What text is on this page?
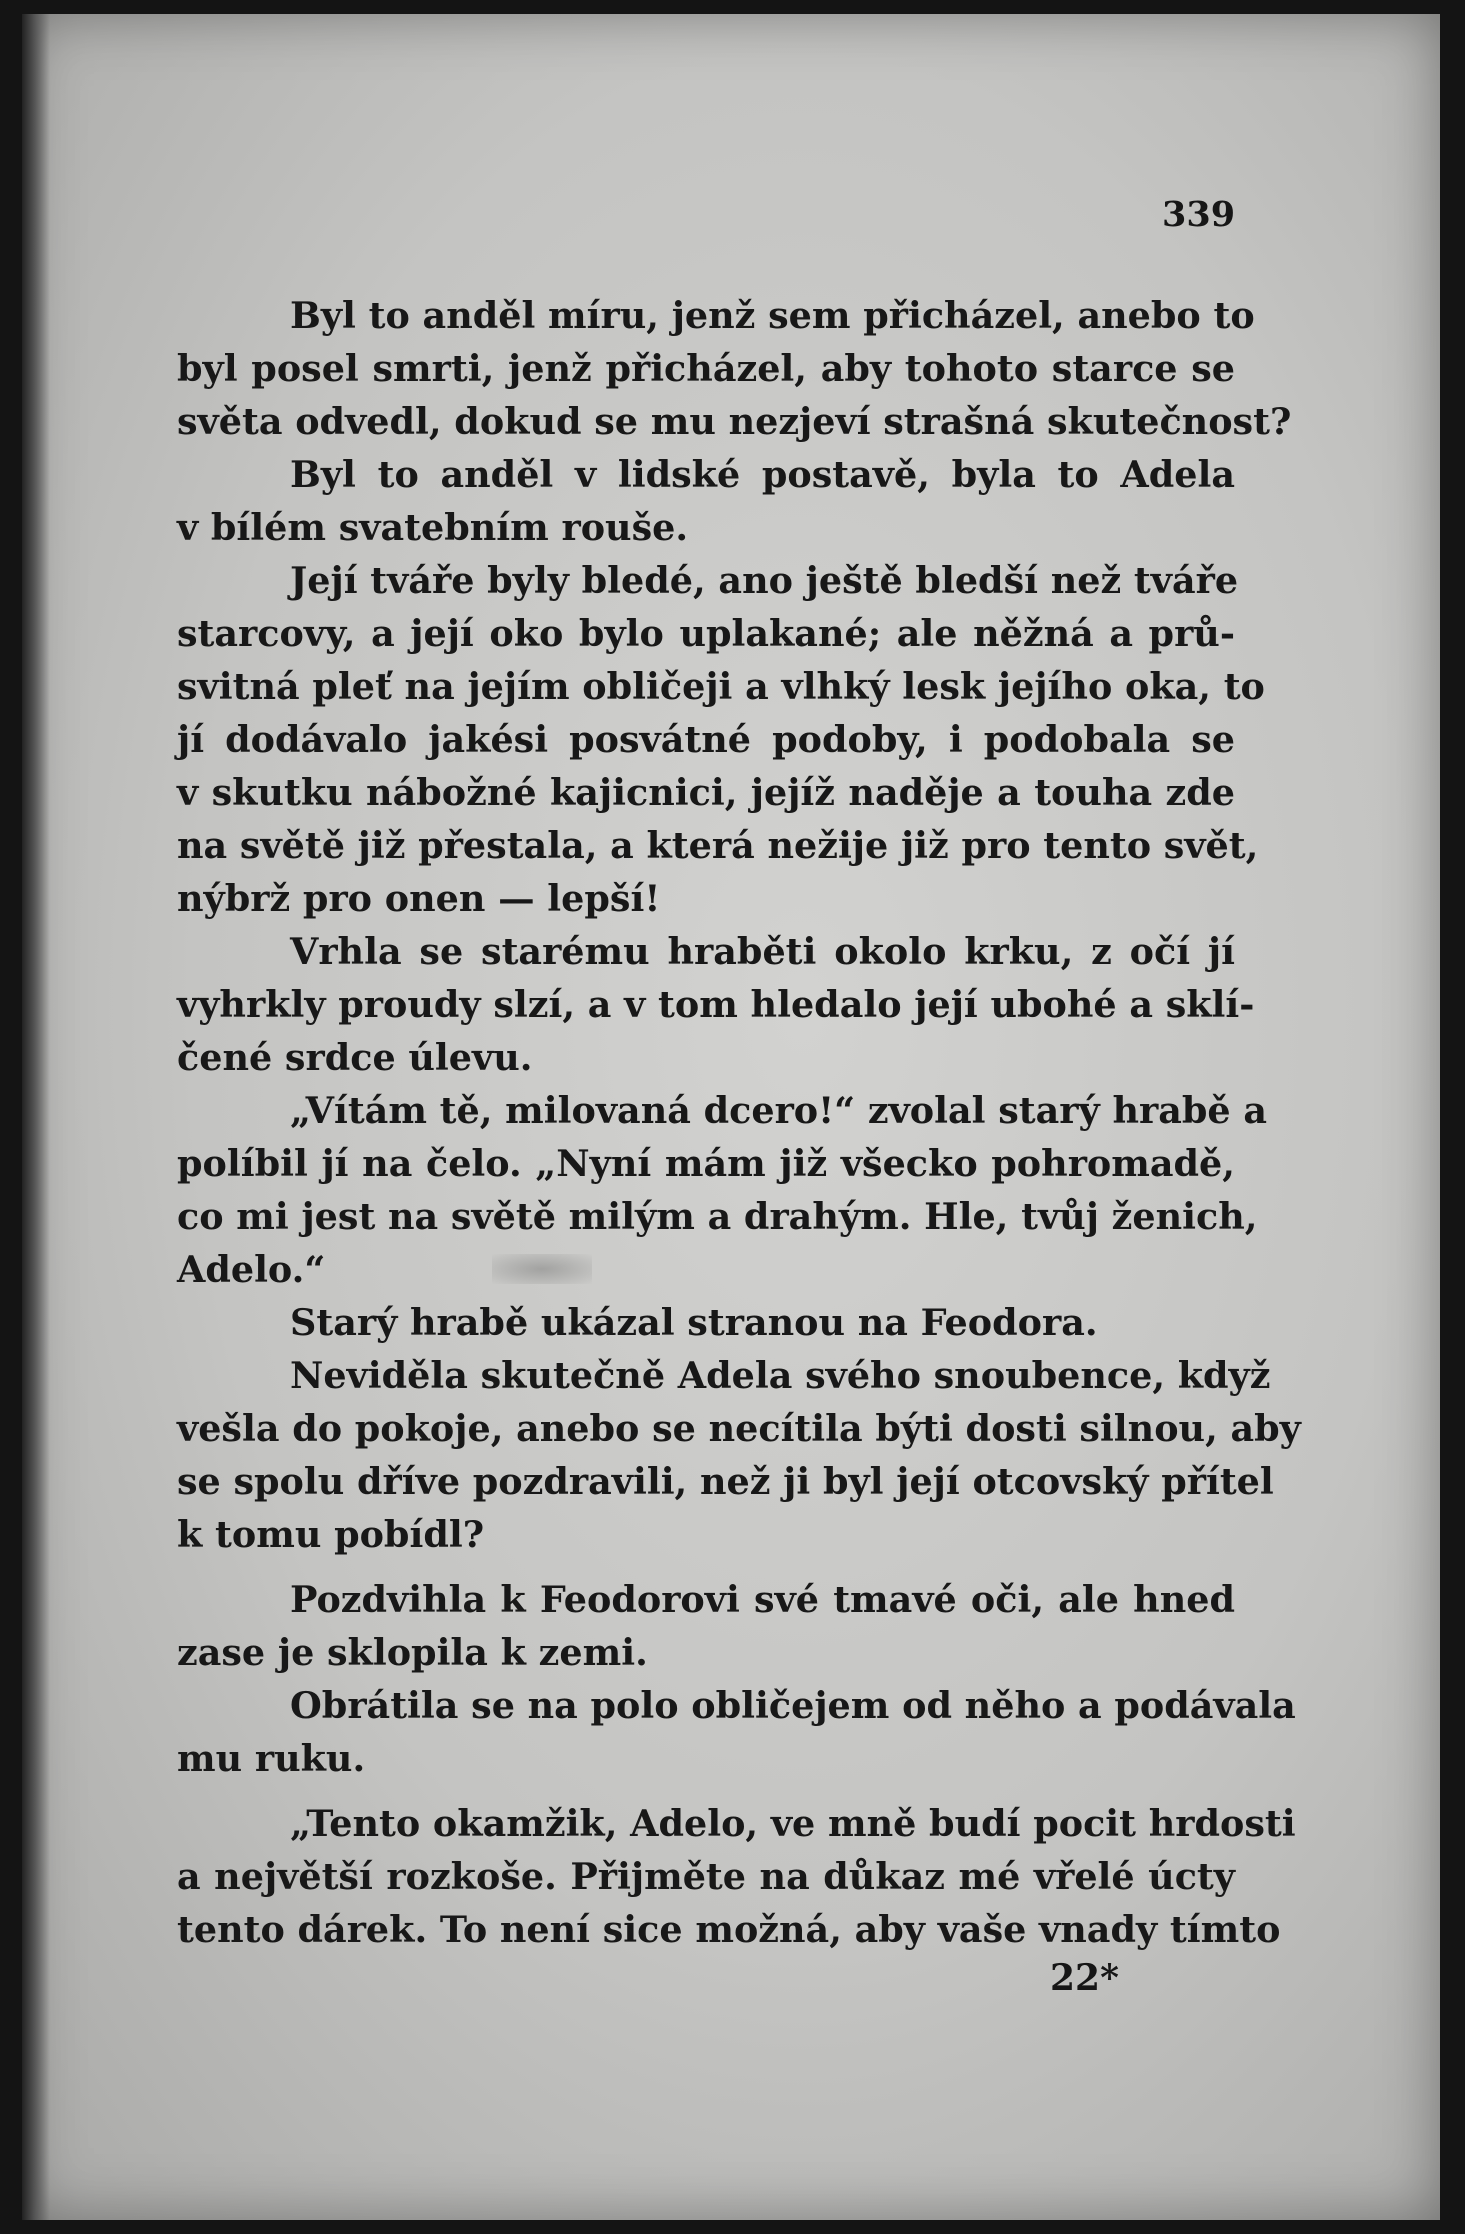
339
Byl to anděl míru, jenž sem přicházel, anebo to
byl posel smrti, jenž přicházel, aby tohoto starce se
světa odvedl, dokud se mu nezjeví strašná skutečnost?
Byl to anděl v lidské postavě, byla to Adela
v bílém svatebním rouše.
Její tváře byly bledé, ano ještě bledší než tváře
starcovy, a její oko bylo uplakané; ale něžná a prů-
svitná pleť na jejím obličeji a vlhký lesk jejího oka, to
jí dodávalo jakési posvátné podoby, i podobala se
v skutku nábožné kajicnici, jejíž naděje a touha zde
na světě již přestala, a která nežije již pro tento svět,
nýbrž pro onen — lepší!
Vrhla se starému hraběti okolo krku, z očí jí
vyhrkly proudy slzí, a v tom hledalo její ubohé a sklí-
čené srdce úlevu.
„Vítám tě, milovaná dcero!“ zvolal starý hrabě a
políbil jí na čelo. „Nyní mám již všecko pohromadě,
co mi jest na světě milým a drahým. Hle, tvůj ženich,
Adelo.“
Starý hrabě ukázal stranou na Feodora.
Neviděla skutečně Adela svého snoubence, když
vešla do pokoje, anebo se necítila býti dosti silnou, aby
se spolu dříve pozdravili, než ji byl její otcovský přítel
k tomu pobídl?
Pozdvihla k Feodorovi své tmavé oči, ale hned
zase je sklopila k zemi.
Obrátila se na polo obličejem od něho a podávala
mu ruku.
„Tento okamžik, Adelo, ve mně budí pocit hrdosti
a největší rozkoše. Přijměte na důkaz mé vřelé úcty
tento dárek. To není sice možná, aby vaše vnady tímto
22*
